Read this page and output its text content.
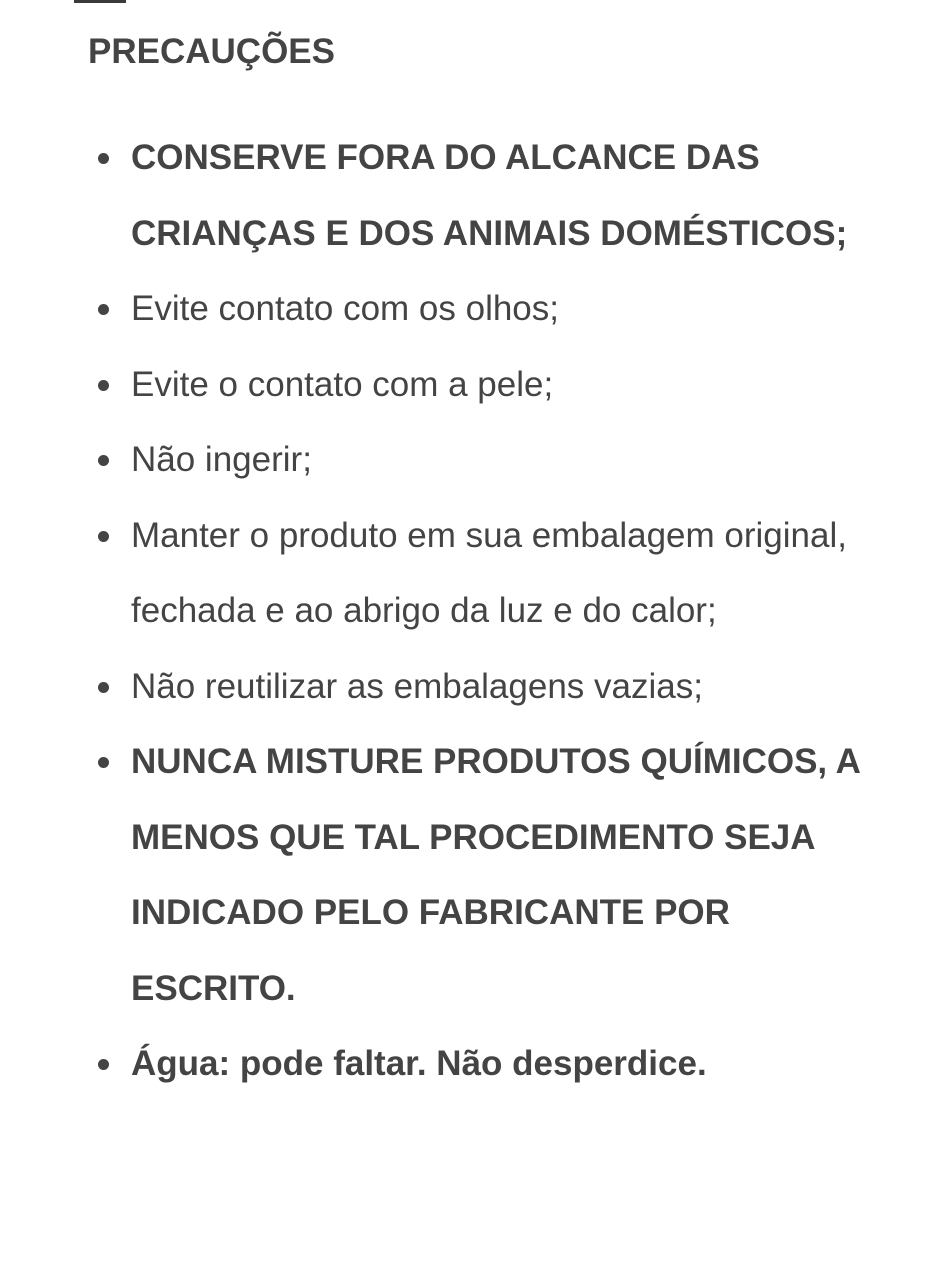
PRECAUÇÕES
CONSERVE FORA DO ALCANCE DAS CRIANÇAS E DOS ANIMAIS DOMÉSTICOS;
Evite contato com os olhos;
Evite o contato com a pele;
Não ingerir;
Manter o produto em sua embalagem original, fechada e ao abrigo da luz e do calor;
Não reutilizar as embalagens vazias;
NUNCA MISTURE PRODUTOS QUÍMICOS, A MENOS QUE TAL PROCEDIMENTO SEJA INDICADO PELO FABRICANTE POR ESCRITO.
Água: pode faltar. Não desperdice.
